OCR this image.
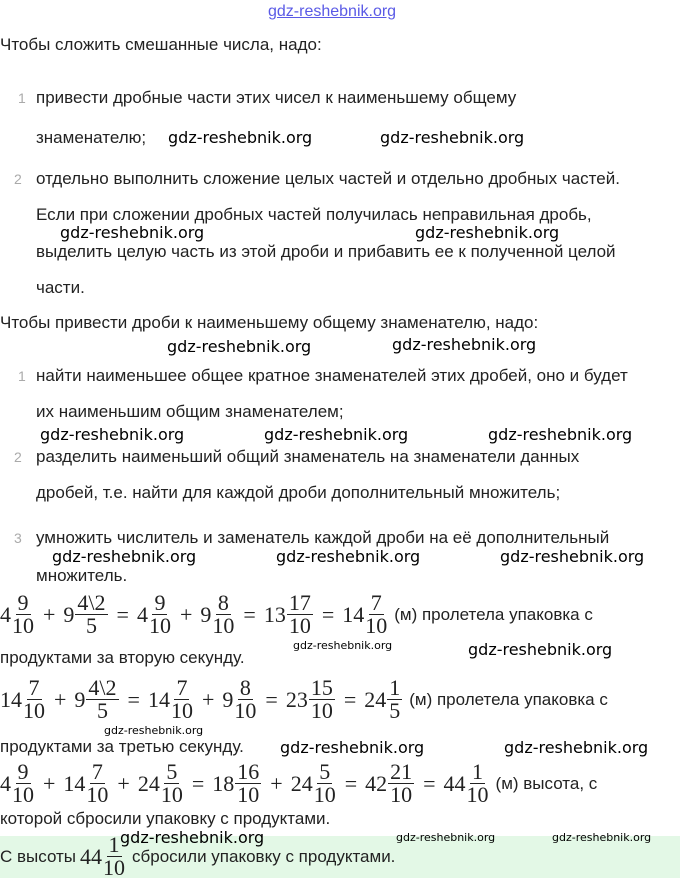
gdz-reshebnik.org
Чтобы сложить смешанные числа, надо:
1 привести дробные части этих чисел к наименьшему общему
знаменателю;
2 отдельно выполнить сложение целых частей и отдельно дробных частей.
Если при сложении дробных частей получилась неправильная дробь,
выделить целую часть из этой дроби и прибавить ее к полученной целой
части.
Чтобы привести дроби к наименьшему общему знаменателю, надо:
1 найти наименьшее общее кратное знаменателей этих дробей, оно и будет
их наименьшим общим знаменателем;
2 разделить наименьший общий знаменатель на знаменатели данных
дробей, т.е. найти для каждой дроби дополнительный множитель;
3 умножить числитель и заменатель каждой дроби на её дополнительный
множитель.
$4 \frac{9}{10} + 9 \frac{4\backslash 2}{5} = 4 \frac{9}{10} + 9 \frac{8}{10} = 13 \frac{17}{10} = 14 \frac{7}{10} (м)$ пролетела упаковка с
продуктами за вторую секунду.
$14 \frac{7}{10} + 9 \frac{4\backslash 2}{5} = 14 \frac{7}{10} + 9 \frac{8}{10} = 23 \frac{15}{10} = 24 \frac{1}{5} (м)$ пролетела упаковка с
продуктами за третью секунду.
$4 \frac{9}{10} + 14 \frac{7}{10} + 24 \frac{5}{10} = 18 \frac{16}{10} + 24 \frac{5}{10} = 42 \frac{21}{10} = 44 \frac{1}{10} (м)$ высота, с
которой сбросили упаковку с продуктами.
С высоты $44 \frac{1}{10}$ сбросили упаковку с продуктами.
gdz-reshebnik.org	gdz-reshebnik.org
gdz-reshebnik.org	gdz-reshebnik.org
gdz-reshebnik.org	gdz-reshebnik.org
gdz-reshebnik.org	gdz-reshebnik.org	gdz-reshebnik.org
gdz-reshebnik.org	gdz-reshebnik.org	gdz-reshebnik.org
gdz-reshebnik.org	gdz-reshebnik.org
gdz-reshebnik.org
gdz-reshebnik.org	gdz-reshebnik.org
gdz-reshebnik.org	gdz-reshebnik.org	gdz-reshebnik.org
